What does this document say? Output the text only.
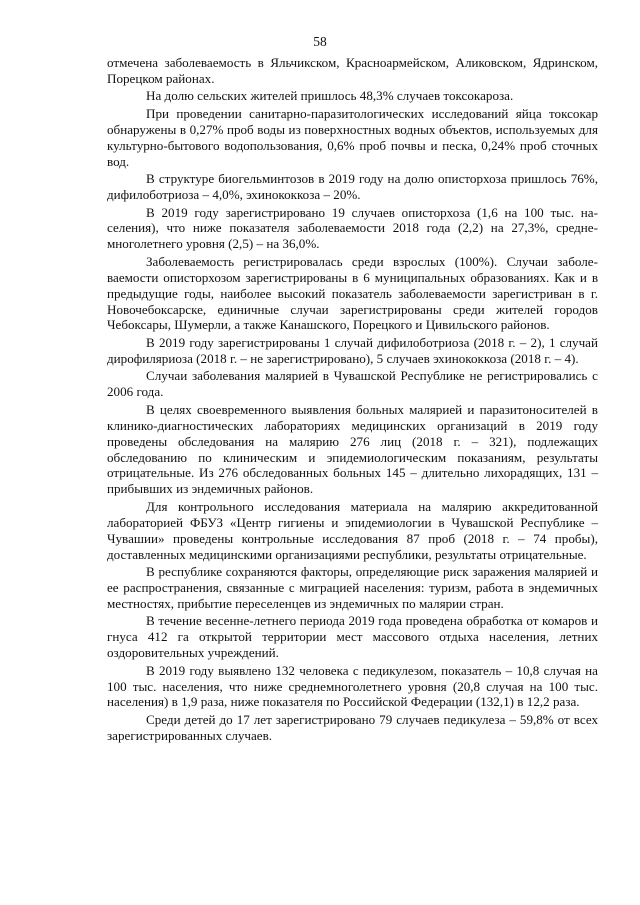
58

отмечена заболеваемость в Яльчикском, Красноармейском, Аликовском, Ядринском, Порецком районах.

На долю сельских жителей пришлось 48,3% случаев токсокароза.

При проведении санитарно-паразитологических исследований яйца токсокар обнаружены в 0,27% проб воды из поверхностных водных объектов, используемых для культурно-бытового водопользования, 0,6% проб почвы и песка, 0,24% проб сточных вод.

В структуре биогельминтозов в 2019 году на долю описторхоза пришлось 76%, дифилоботриоза – 4,0%, эхинококкоза – 20%.

В 2019 году зарегистрировано 19 случаев описторхоза (1,6 на 100 тыс. населения), что ниже показателя заболеваемости 2018 года (2,2) на 27,3%, среднемноголетнего уровня (2,5) – на 36,0%.

Заболеваемость регистрировалась среди взрослых (100%). Случаи заболеваемости описторхозом зарегистрированы в 6 муниципальных образованиях. Как и в предыдущие годы, наиболее высокий показатель заболеваемости зарегистриван в г. Новочебоксарске, единичные случаи зарегистрированы среди жителей городов Чебоксары, Шумерли, а также Канашского, Порецкого и Цивильского районов.

В 2019 году зарегистрированы 1 случай дифилоботриоза (2018 г. – 2), 1 случай дирофиляриоза (2018 г. – не зарегистрировано), 5 случаев эхинококкоза (2018 г. – 4).

Случаи заболевания малярией в Чувашской Республике не регистрировались с 2006 года.

В целях своевременного выявления больных малярией и паразитоносителей в клинико-диагностических лабораториях медицинских организаций в 2019 году проведены обследования на малярию 276 лиц (2018 г. – 321), подлежащих обследованию по клиническим и эпидемиологическим показаниям, результаты отрицательные. Из 276 обследованных больных 145 – длительно лихорадящих, 131 – прибывших из эндемичных районов.

Для контрольного исследования материала на малярию аккредитованной лабораторией ФБУЗ «Центр гигиены и эпидемиологии в Чувашской Республике – Чувашии» проведены контрольные исследования 87 проб (2018 г. – 74 пробы), доставленных медицинскими организациями республики, результаты отрицательные.

В республике сохраняются факторы, определяющие риск заражения малярией и ее распространения, связанные с миграцией населения: туризм, работа в эндемичных местностях, прибытие переселенцев из эндемичных по малярии стран.

В течение весенне-летнего периода 2019 года проведена обработка от комаров и гнуса 412 га открытой территории мест массового отдыха населения, летних оздоровительных учреждений.

В 2019 году выявлено 132 человека с педикулезом, показатель – 10,8 случая на 100 тыс. населения, что ниже среднемноголетнего уровня (20,8 случая на 100 тыс. населения) в 1,9 раза, ниже показателя по Российской Федерации (132,1) в 12,2 раза.

Среди детей до 17 лет зарегистрировано 79 случаев педикулеза – 59,8% от всех зарегистрированных случаев.
